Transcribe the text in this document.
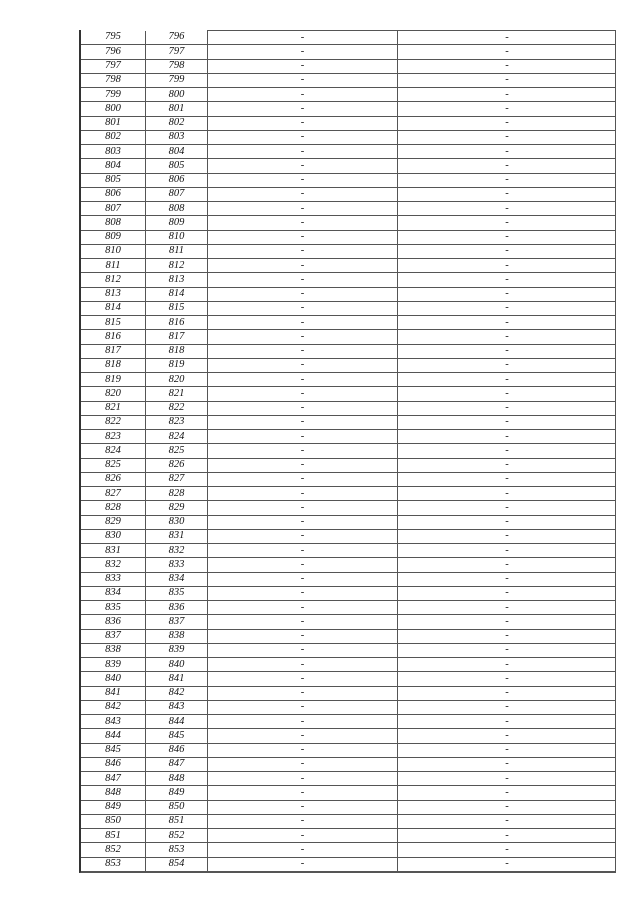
795	796	-	-
796	797	-	-
797	798	-	-
798	799	-	-
799	800	-	-
800	801	-	-
801	802	-	-
802	803	-	-
803	804	-	-
804	805	-	-
805	806	-	-
806	807	-	-
807	808	-	-
808	809	-	-
809	810	-	-
810	811	-	-
811	812	-	-
812	813	-	-
813	814	-	-
814	815	-	-
815	816	-	-
816	817	-	-
817	818	-	-
818	819	-	-
819	820	-	-
820	821	-	-
821	822	-	-
822	823	-	-
823	824	-	-
824	825	-	-
825	826	-	-
826	827	-	-
827	828	-	-
828	829	-	-
829	830	-	-
830	831	-	-
831	832	-	-
832	833	-	-
833	834	-	-
834	835	-	-
835	836	-	-
836	837	-	-
837	838	-	-
838	839	-	-
839	840	-	-
840	841	-	-
841	842	-	-
842	843	-	-
843	844	-	-
844	845	-	-
845	846	-	-
846	847	-	-
847	848	-	-
848	849	-	-
849	850	-	-
850	851	-	-
851	852	-	-
852	853	-	-
853	854	-	-
